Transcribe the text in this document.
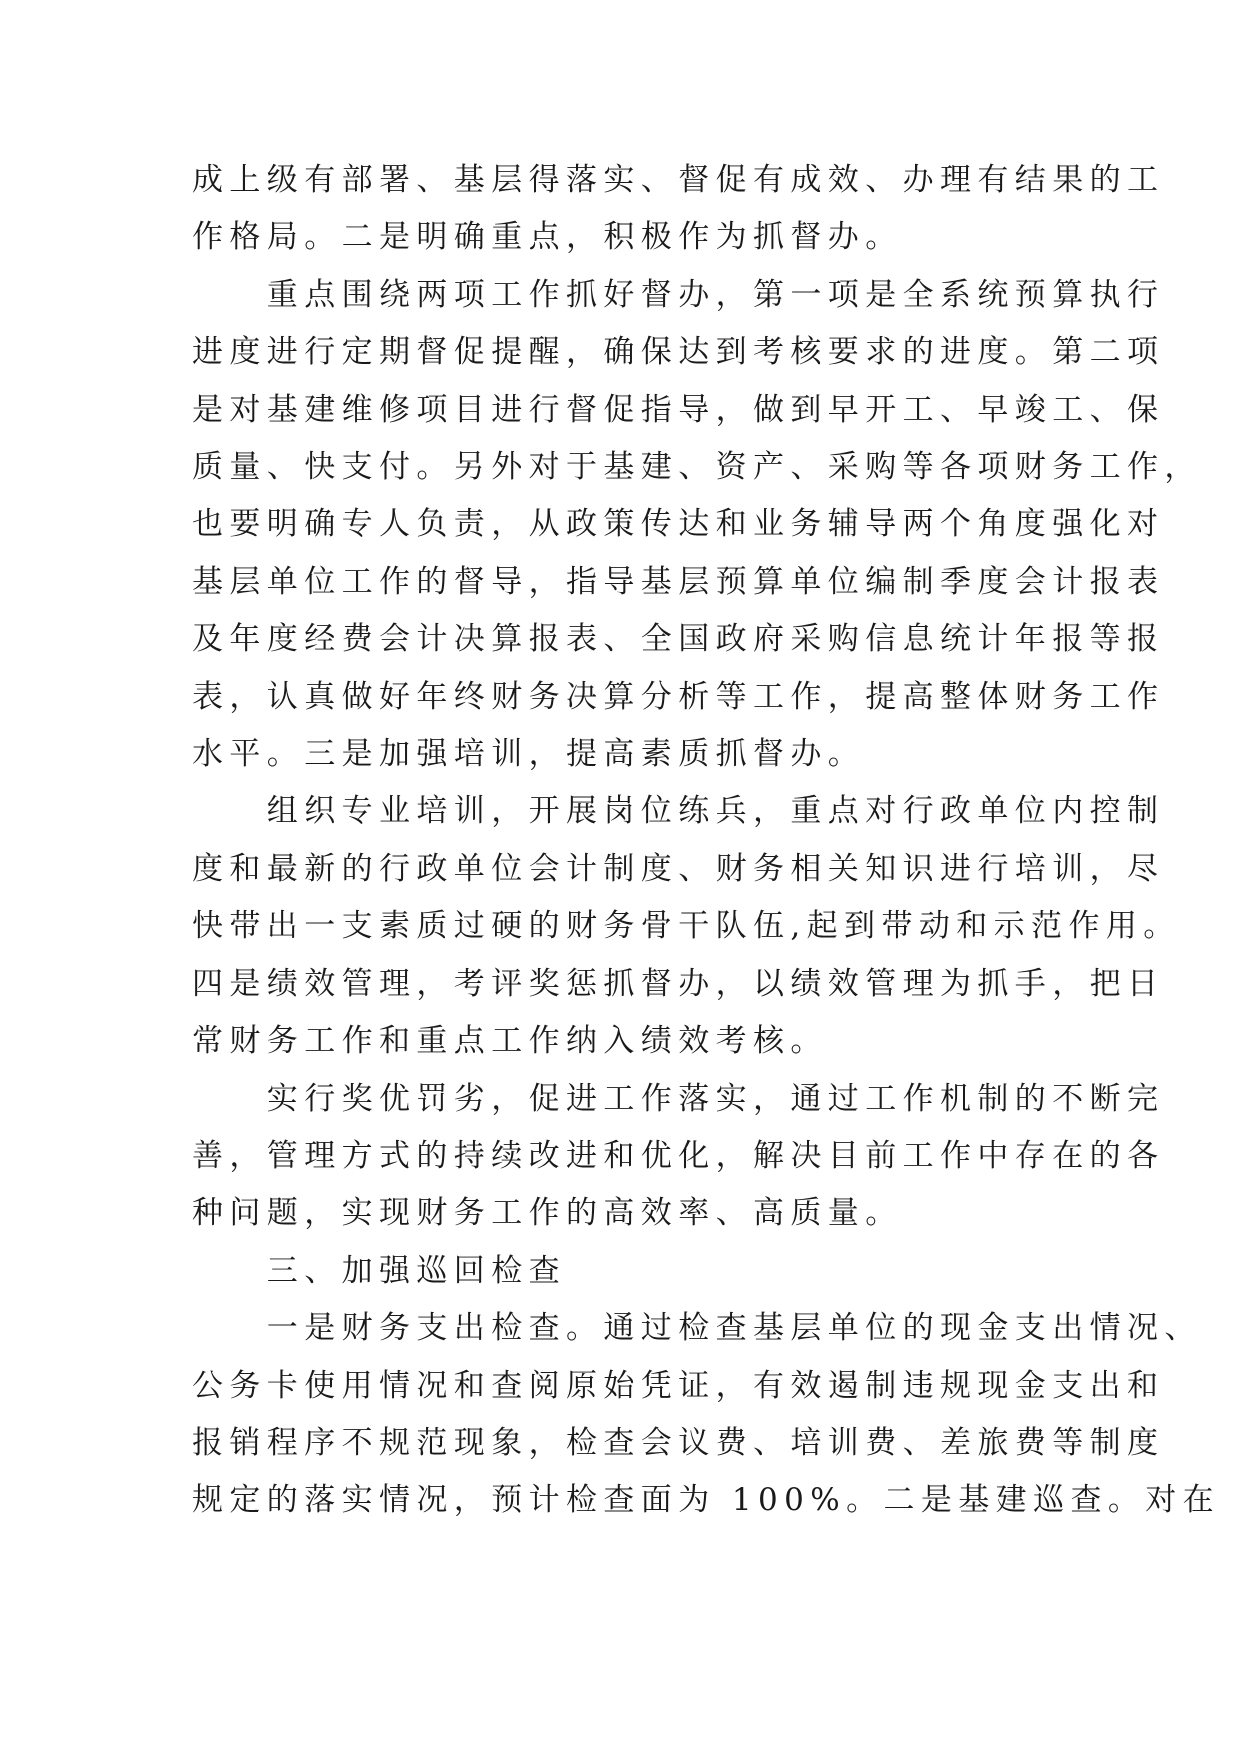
成上级有部署、基层得落实、督促有成效、办理有结果的工

作格局。二是明确重点，积极作为抓督办。

　　重点围绕两项工作抓好督办，第一项是全系统预算执行

进度进行定期督促提醒，确保达到考核要求的进度。第二项

是对基建维修项目进行督促指导，做到早开工、早竣工、保

质量、快支付。另外对于基建、资产、采购等各项财务工作，

也要明确专人负责，从政策传达和业务辅导两个角度强化对

基层单位工作的督导，指导基层预算单位编制季度会计报表

及年度经费会计决算报表、全国政府采购信息统计年报等报

表，认真做好年终财务决算分析等工作，提高整体财务工作

水平。三是加强培训，提高素质抓督办。

　　组织专业培训，开展岗位练兵，重点对行政单位内控制

度和最新的行政单位会计制度、财务相关知识进行培训，尽

快带出一支素质过硬的财务骨干队伍,起到带动和示范作用。

四是绩效管理，考评奖惩抓督办，以绩效管理为抓手，把日

常财务工作和重点工作纳入绩效考核。

　　实行奖优罚劣，促进工作落实，通过工作机制的不断完

善，管理方式的持续改进和优化，解决目前工作中存在的各

种问题，实现财务工作的高效率、高质量。

　　三、加强巡回检查

　　一是财务支出检查。通过检查基层单位的现金支出情况、

公务卡使用情况和查阅原始凭证，有效遏制违规现金支出和

报销程序不规范现象，检查会议费、培训费、差旅费等制度

规定的落实情况，预计检查面为 100%。二是基建巡查。对在
